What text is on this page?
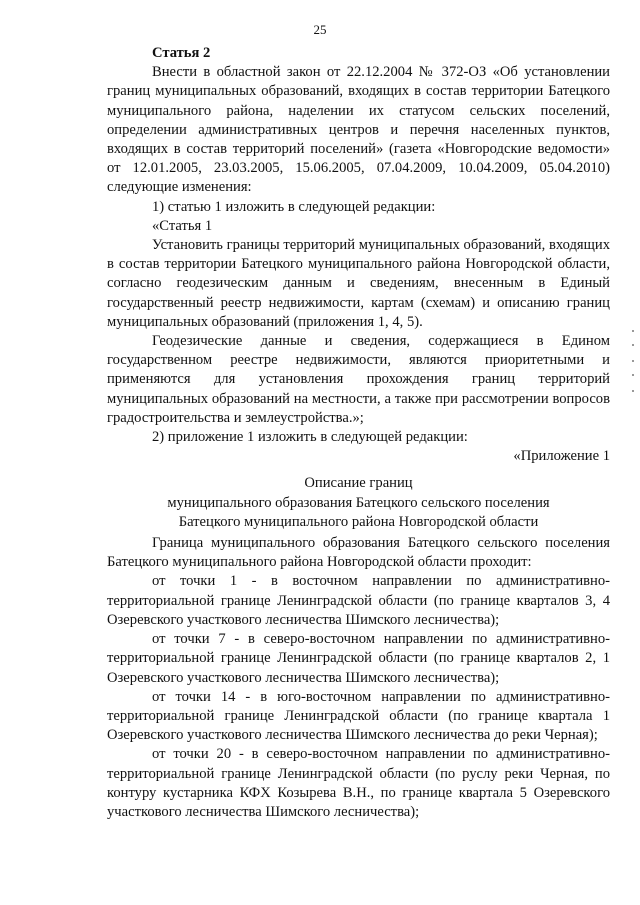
25

Статья 2

Внести в областной закон от 22.12.2004 № 372-ОЗ «Об установлении границ муниципальных образований, входящих в состав территории Батецкого муниципального района, наделении их статусом сельских поселений, определении административных центров и перечня населенных пунктов, входящих в состав территорий поселений» (газета «Новгородские ведомости» от 12.01.2005, 23.03.2005, 15.06.2005, 07.04.2009, 10.04.2009, 05.04.2010) следующие изменения:

1) статью 1 изложить в следующей редакции:

«Статья 1

Установить границы территорий муниципальных образований, входящих в состав территории Батецкого муниципального района Новгородской области, согласно геодезическим данным и сведениям, внесенным в Единый государственный реестр недвижимости, картам (схемам) и описанию границ муниципальных образований (приложения 1, 4, 5).

Геодезические данные и сведения, содержащиеся в Едином государственном реестре недвижимости, являются приоритетными и применяются для установления прохождения границ территорий муниципальных образований на местности, а также при рассмотрении вопросов градостроительства и землеустройства.»;

2) приложение 1 изложить в следующей редакции:

«Приложение 1

Описание границ

муниципального образования Батецкого сельского поселения

Батецкого муниципального района Новгородской области

Граница муниципального образования Батецкого сельского поселения Батецкого муниципального района Новгородской области проходит:

от точки 1 - в восточном направлении по административно-территориальной границе Ленинградской области (по границе кварталов 3, 4 Озеревского участкового лесничества Шимского лесничества);

от точки 7 - в северо-восточном направлении по административно-территориальной границе Ленинградской области (по границе кварталов 2, 1 Озеревского участкового лесничества Шимского лесничества);

от точки 14 - в юго-восточном направлении по административно-территориальной границе Ленинградской области (по границе квартала 1 Озеревского участкового лесничества Шимского лесничества до реки Черная);

от точки 20 - в северо-восточном направлении по административно-территориальной границе Ленинградской области (по руслу реки Черная, по контуру кустарника КФХ Козырева В.Н., по границе квартала 5 Озеревского участкового лесничества Шимского лесничества);
